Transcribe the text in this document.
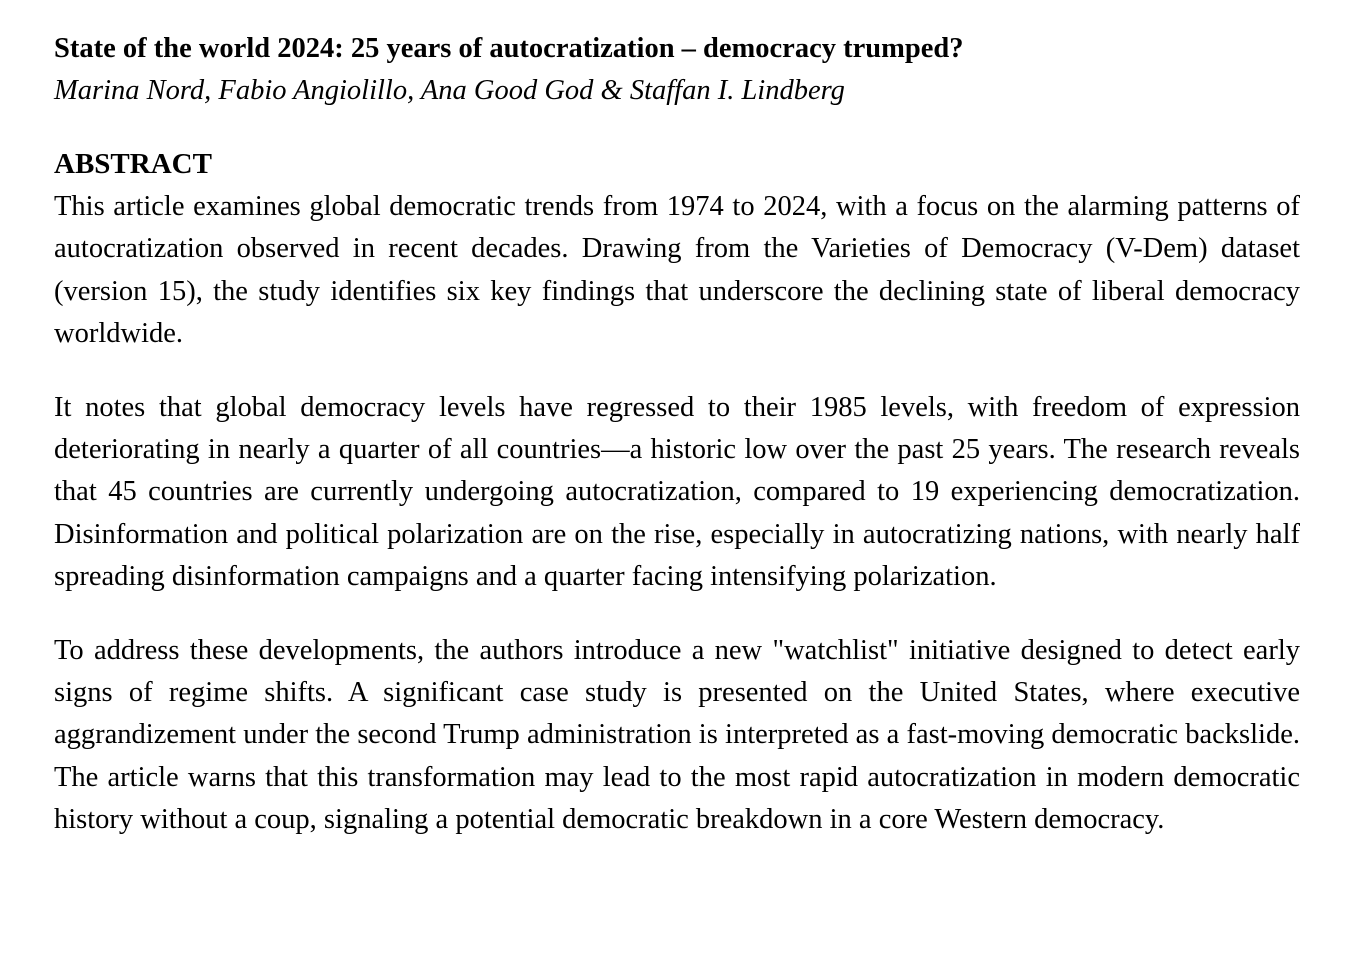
State of the world 2024: 25 years of autocratization – democracy trumped?
Marina Nord, Fabio Angiolillo, Ana Good God & Staffan I. Lindberg
ABSTRACT

This article examines global democratic trends from 1974 to 2024, with a focus on the alarming patterns of autocratization observed in recent decades. Drawing from the Varieties of Democracy (V-Dem) dataset (version 15), the study identifies six key findings that underscore the declining state of liberal democracy worldwide.

It notes that global democracy levels have regressed to their 1985 levels, with freedom of expression deteriorating in nearly a quarter of all countries—a historic low over the past 25 years. The research reveals that 45 countries are currently undergoing autocratization, compared to 19 experiencing democratization. Disinformation and political polarization are on the rise, especially in autocratizing nations, with nearly half spreading disinformation campaigns and a quarter facing intensifying polarization.

To address these developments, the authors introduce a new "watchlist" initiative designed to detect early signs of regime shifts. A significant case study is presented on the United States, where executive aggrandizement under the second Trump administration is interpreted as a fast-moving democratic backslide. The article warns that this transformation may lead to the most rapid autocratization in modern democratic history without a coup, signaling a potential democratic breakdown in a core Western democracy.
